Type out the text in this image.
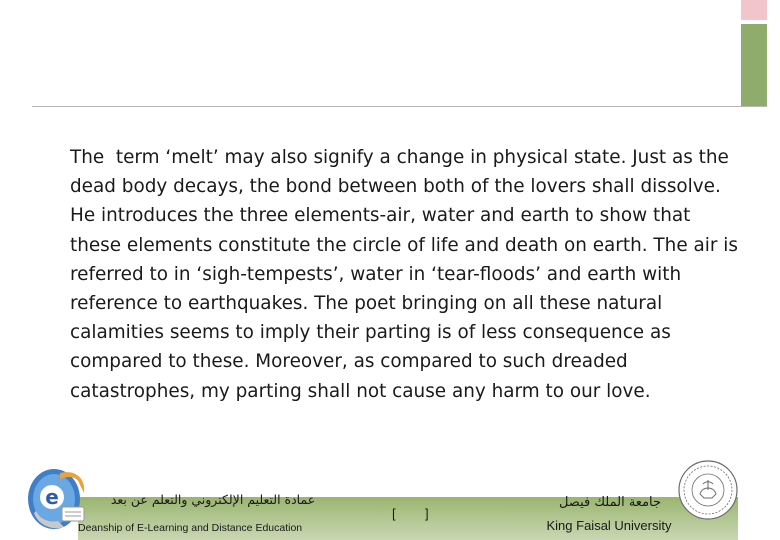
The  term ‘melt’ may also signify a change in physical state. Just as the dead body decays, the bond between both of the lovers shall dissolve. He introduces the three elements-air, water and earth to show that these elements constitute the circle of life and death on earth. The air is referred to in ‘sigh-tempests’, water in ‘tear-floods’ and earth with reference to earthquakes. The poet bringing on all these natural calamities seems to imply their parting is of less consequence as compared to these. Moreover, as compared to such dreaded catastrophes, my parting shall not cause any harm to our love.

e	عمادة التعليم الإلكتروني والتعلم عن بعد
Deanship of E-Learning and Distance Education
[ ]
جامعة الملك فيصل
King Faisal University
